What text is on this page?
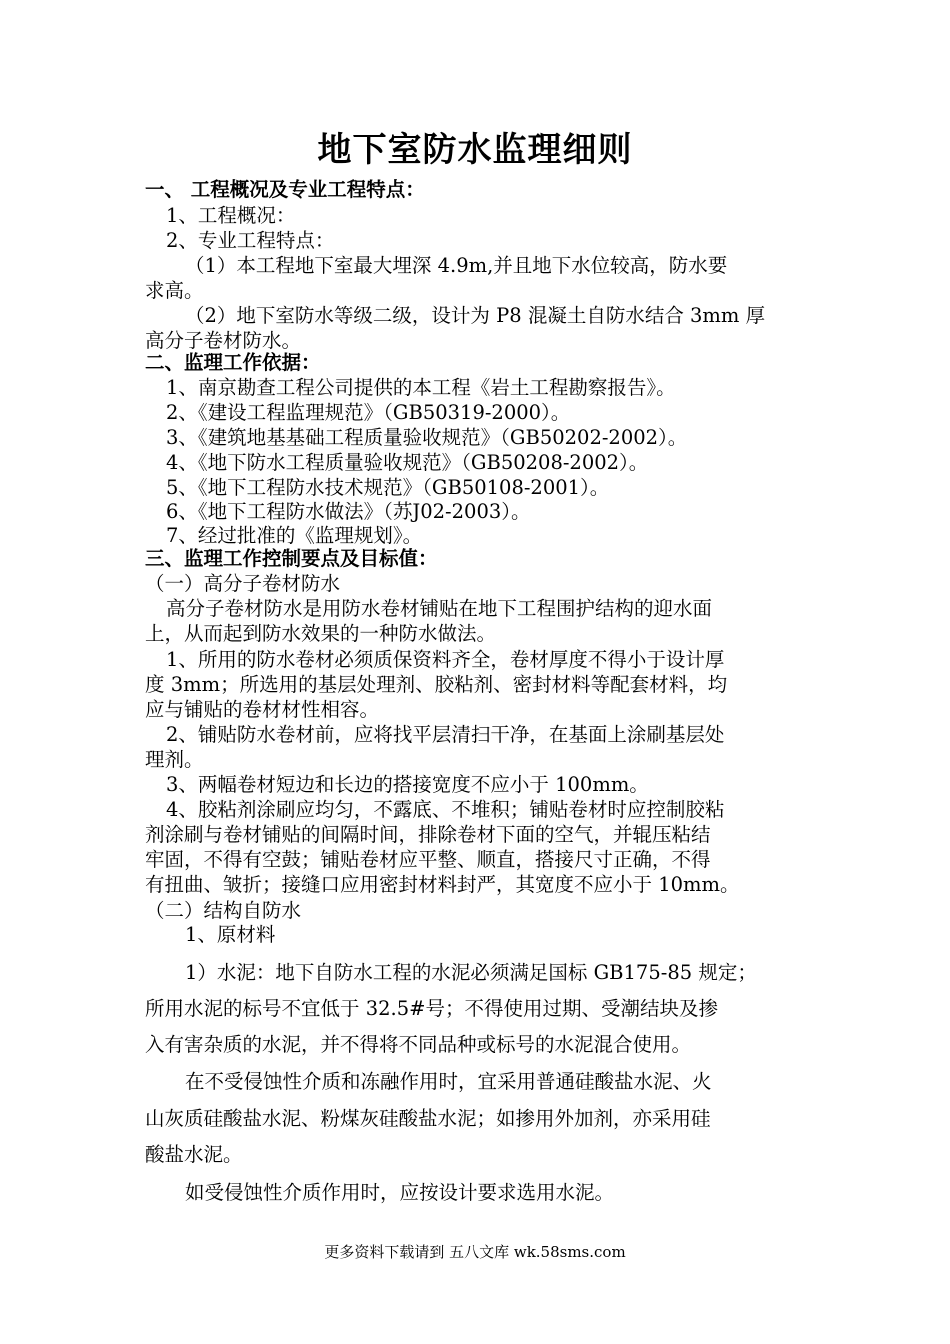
地下室防水监理细则
一、 工程概况及专业工程特点：
1、工程概况：
2、专业工程特点：
（1）本工程地下室最大埋深 4.9m,并且地下水位较高，防水要
求高。
（2）地下室防水等级二级，设计为 P8 混凝土自防水结合 3mm 厚
高分子卷材防水。
二、监理工作依据：
1、南京勘查工程公司提供的本工程《岩土工程勘察报告》。
2、《建设工程监理规范》（GB50319-2000）。
3、《建筑地基基础工程质量验收规范》（GB50202-2002）。
4、《地下防水工程质量验收规范》（GB50208-2002）。
5、《地下工程防水技术规范》（GB50108-2001）。
6、《地下工程防水做法》（苏J02-2003）。
7、经过批准的《监理规划》。
三、监理工作控制要点及目标值：
（一）高分子卷材防水
高分子卷材防水是用防水卷材铺贴在地下工程围护结构的迎水面
上，从而起到防水效果的一种防水做法。
1、所用的防水卷材必须质保资料齐全，卷材厚度不得小于设计厚
度 3mm；所选用的基层处理剂、胶粘剂、密封材料等配套材料，均
应与铺贴的卷材材性相容。
2、铺贴防水卷材前，应将找平层清扫干净，在基面上涂刷基层处
理剂。
3、两幅卷材短边和长边的搭接宽度不应小于 100mm。
4、胶粘剂涂刷应均匀，不露底、不堆积；铺贴卷材时应控制胶粘
剂涂刷与卷材铺贴的间隔时间，排除卷材下面的空气，并辊压粘结
牢固，不得有空鼓；铺贴卷材应平整、顺直，搭接尺寸正确，不得
有扭曲、皱折；接缝口应用密封材料封严，其宽度不应小于 10mm。
（二）结构自防水
1、原材料
1）水泥：地下自防水工程的水泥必须满足国标 GB175-85 规定；
所用水泥的标号不宜低于 32.5#号；不得使用过期、受潮结块及掺
入有害杂质的水泥，并不得将不同品种或标号的水泥混合使用。
在不受侵蚀性介质和冻融作用时，宜采用普通硅酸盐水泥、火
山灰质硅酸盐水泥、粉煤灰硅酸盐水泥；如掺用外加剂，亦采用硅
酸盐水泥。
如受侵蚀性介质作用时，应按设计要求选用水泥。
更多资料下载请到 五八文库 wk.58sms.com
